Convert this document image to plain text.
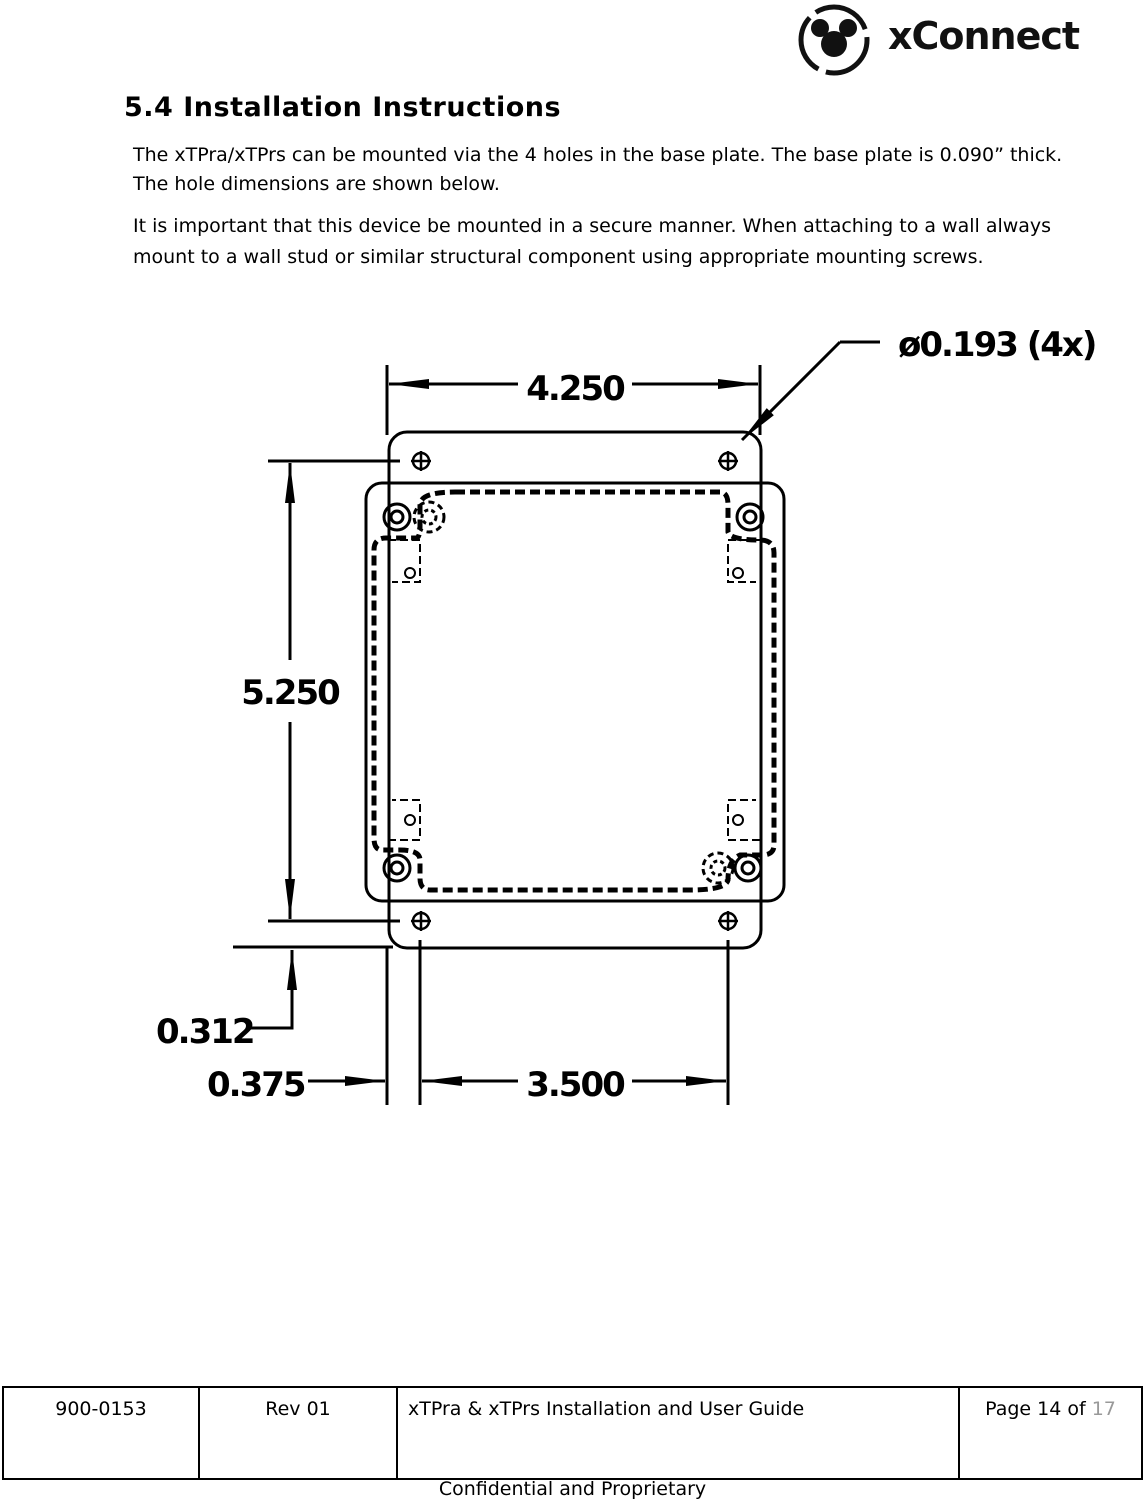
xConnect
5.4 Installation Instructions

The xTPra/xTPrs can be mounted via the 4 holes in the base plate. The base plate is 0.090” thick. The hole dimensions are shown below.

It is important that this device be mounted in a secure manner. When attaching to a wall always mount to a wall stud or similar structural component using appropriate mounting screws.

4.250
ø0.193 (4x)
5.250
0.312
0.375	3.500
900-0153	Rev 01	xTPra & xTPrs Installation and User Guide	Page 14 of 17
Confidential and Proprietary
